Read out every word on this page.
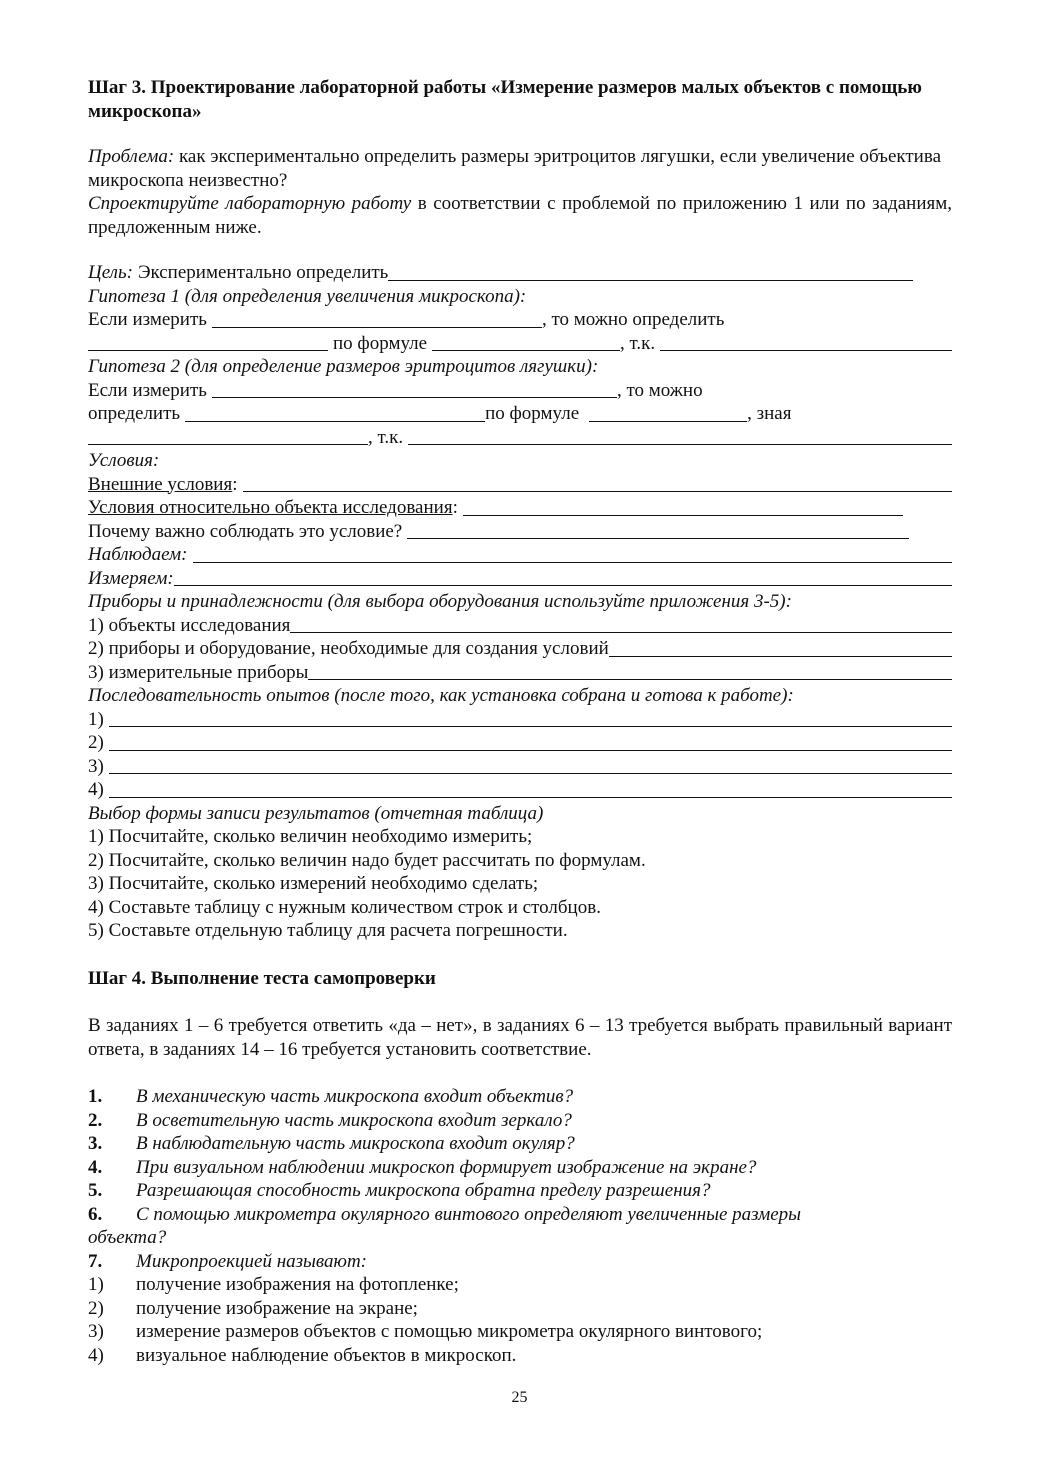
Шаг 3. Проектирование лабораторной работы «Измерение размеров малых объектов с помощью микроскопа»

Проблема: как экспериментально определить размеры эритроцитов лягушки, если увеличение объектива микроскопа неизвестно?

Спроектируйте лабораторную работу в соответствии с проблемой по приложению 1 или по заданиям, предложенным ниже.

Цель: Экспериментально определить
Гипотеза 1 (для определения увеличения микроскопа):
Если измерить	, то можно определить
по формуле	, т.к.
Гипотеза 2 (для определение размеров эритроцитов лягушки):
Если измерить	, то можно
определить	по формуле	, зная
, т.к.
Условия:
Внешние условия :
Условия относительно объекта исследования :
Почему важно соблюдать это условие?
Наблюдаем:
Измеряем:
Приборы и принадлежности (для выбора оборудования используйте приложения 3-5):
1) объекты исследования
2) приборы и оборудование, необходимые для создания условий
3) измерительные приборы
Последовательность опытов (после того, как установка собрана и готова к работе):
1)
2)
3)
4)
Выбор формы записи результатов (отчетная таблица)
1) Посчитайте, сколько величин необходимо измерить;
2) Посчитайте, сколько величин надо будет рассчитать по формулам.
3) Посчитайте, сколько измерений необходимо сделать;
4) Составьте таблицу с нужным количеством строк и столбцов.
5) Составьте отдельную таблицу для расчета погрешности.

Шаг 4. Выполнение теста самопроверки

В заданиях 1 – 6 требуется ответить «да – нет», в заданиях 6 – 13 требуется выбрать правильный вариант ответа, в заданиях 14 – 16 требуется установить соответствие.

1.	В механическую часть микроскопа входит объектив?
2.	В осветительную часть микроскопа входит зеркало?
3.	В наблюдательную часть микроскопа входит окуляр?
4.	При визуальном наблюдении микроскоп формирует изображение на экране?
5.	Разрешающая способность микроскопа обратна пределу разрешения?
6.	С помощью микрометра окулярного винтового определяют увеличенные размеры
объекта?
7.	Микропроекцией называют:
1)	получение изображения на фотопленке;
2)	получение изображение на экране;
3)	измерение размеров объектов с помощью микрометра окулярного винтового;
4)	визуальное наблюдение объектов в микроскоп.
25
